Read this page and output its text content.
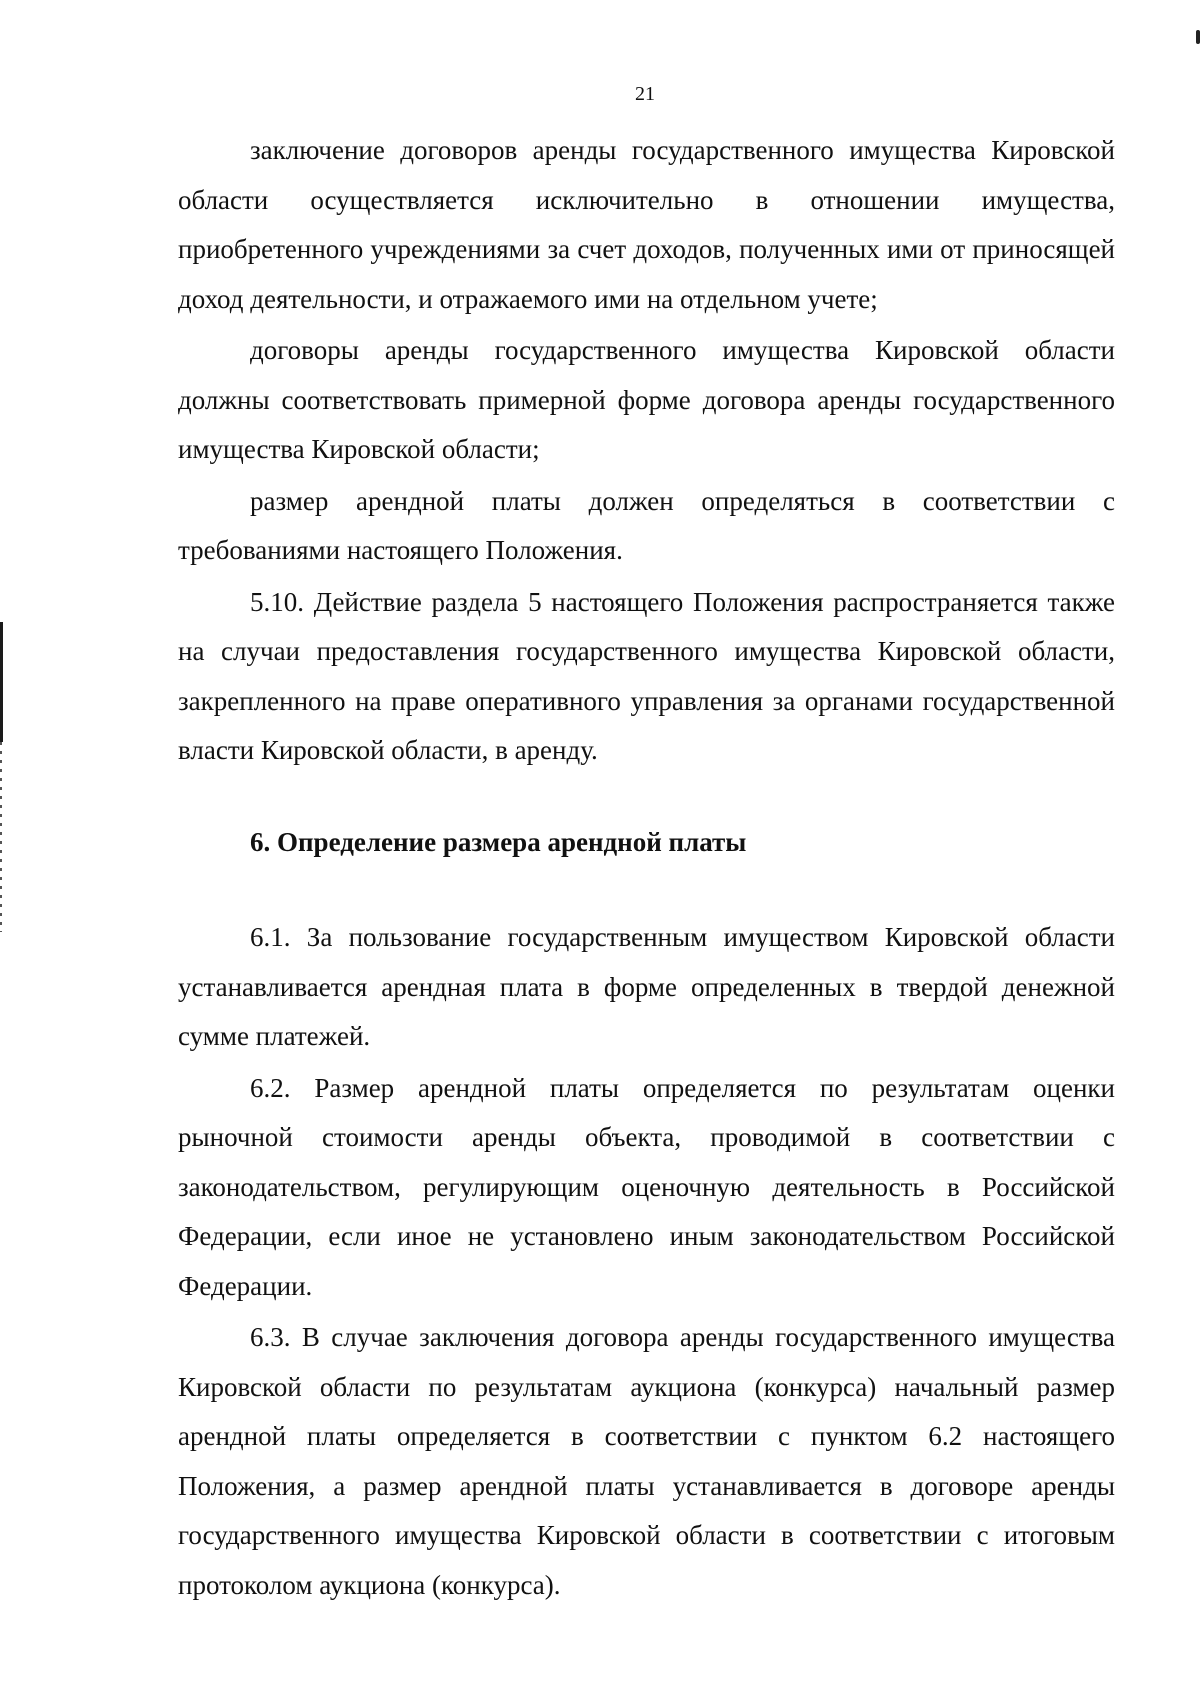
21

заключение договоров аренды государственного имущества Кировской области осуществляется исключительно в отношении имущества, приобретенного учреждениями за счет доходов, полученных ими от приносящей доход деятельности, и отражаемого ими на отдельном учете;

договоры аренды государственного имущества Кировской области должны соответствовать примерной форме договора аренды государственного имущества Кировской области;

размер арендной платы должен определяться в соответствии с требованиями настоящего Положения.

5.10. Действие раздела 5 настоящего Положения распространяется также на случаи предоставления государственного имущества Кировской области, закрепленного на праве оперативного управления за органами государственной власти Кировской области, в аренду.

6. Определение размера арендной платы

6.1. За пользование государственным имуществом Кировской области устанавливается арендная плата в форме определенных в твердой денежной сумме платежей.

6.2. Размер арендной платы определяется по результатам оценки рыночной стоимости аренды объекта, проводимой в соответствии с законодательством, регулирующим оценочную деятельность в Российской Федерации, если иное не установлено иным законодательством Российской Федерации.

6.3. В случае заключения договора аренды государственного имущества Кировской области по результатам аукциона (конкурса) начальный размер арендной платы определяется в соответствии с пунктом 6.2 настоящего Положения, а размер арендной платы устанавливается в договоре аренды государственного имущества Кировской области в соответствии с итоговым протоколом аукциона (конкурса).
